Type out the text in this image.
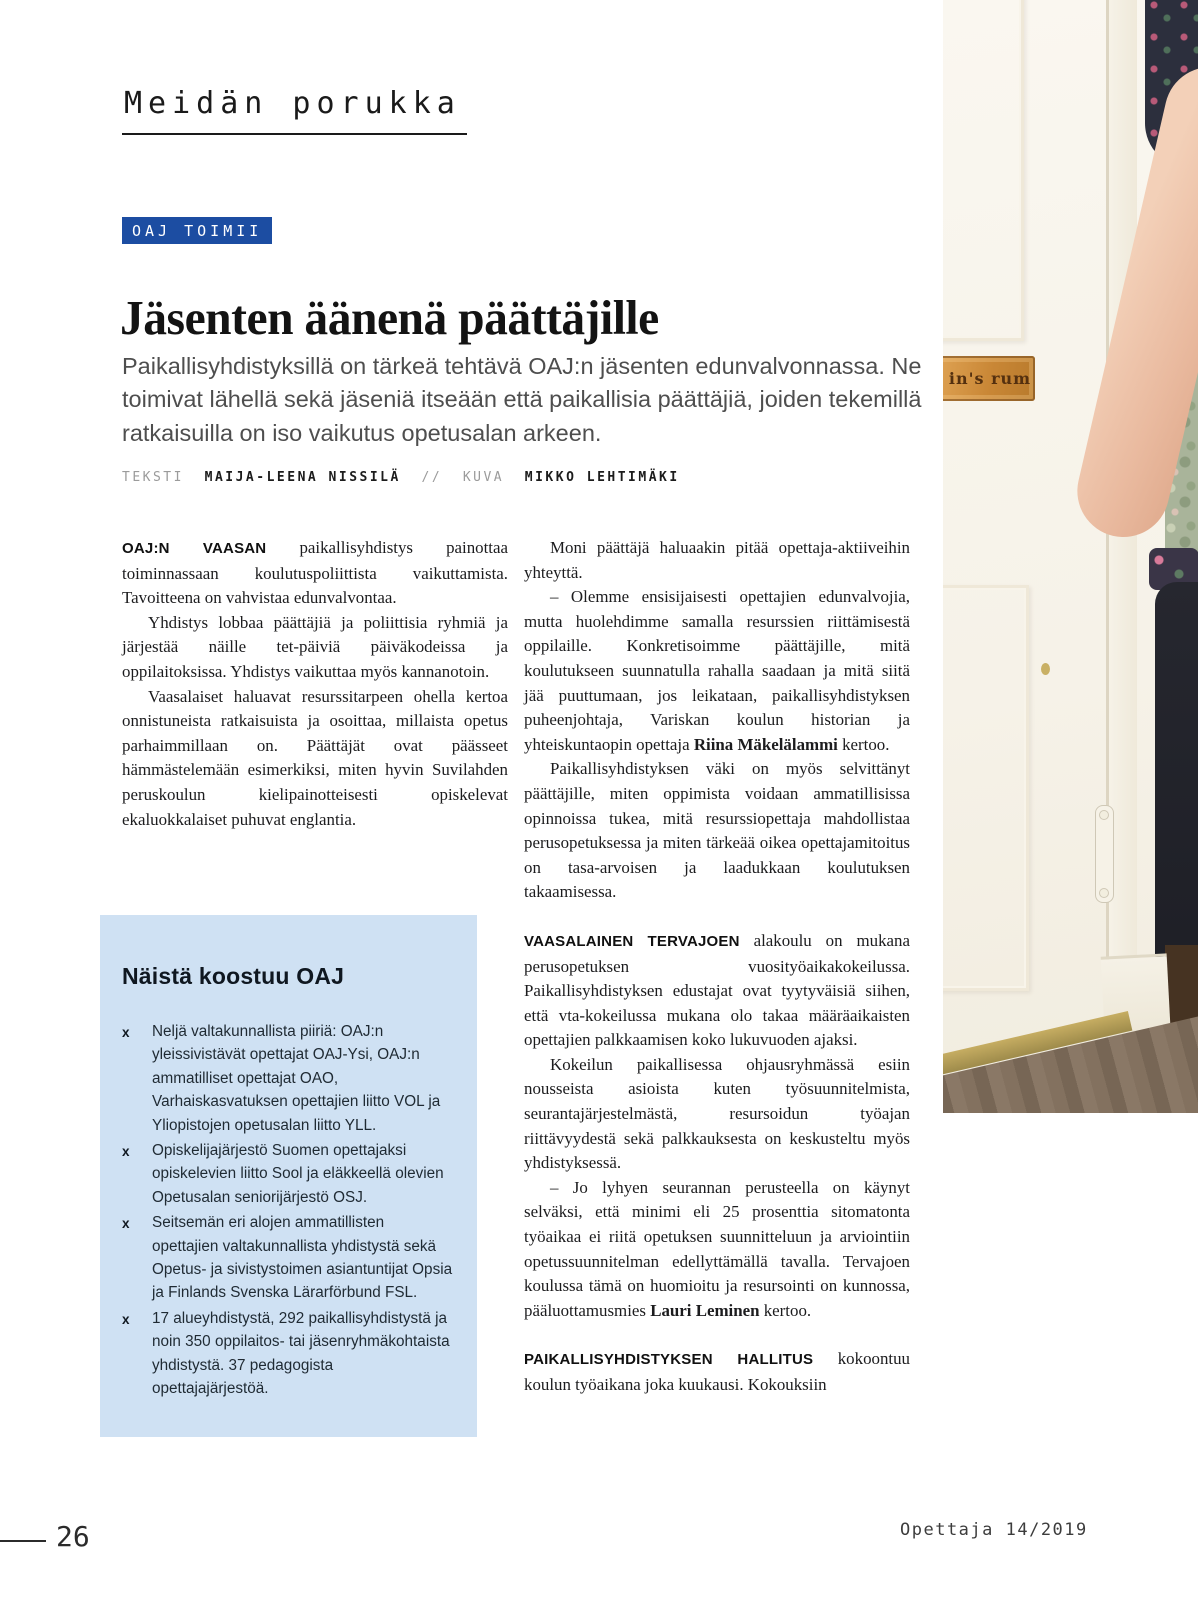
Meidän porukka
OAJ TOIMII
Jäsenten äänenä päättäjille
Paikallisyhdistyksillä on tärkeä tehtävä OAJ:n jäsenten edunvalvonnassa. Ne toimivat lähellä sekä jäseniä itseään että paikallisia päättäjiä, joiden tekemillä ratkaisuilla on iso vaikutus opetusalan arkeen.
TEKSTI MAIJA-LEENA NISSILÄ // KUVA MIKKO LEHTIMÄKI

OAJ:N VAASAN paikallisyhdistys painottaa toiminnassaan koulutuspoliittista vaikuttamista. Tavoitteena on vahvistaa edunvalvontaa.

Yhdistys lobbaa päättäjiä ja poliittisia ryhmiä ja järjestää näille tet-päiviä päiväkodeissa ja oppilaitoksissa. Yhdistys vaikuttaa myös kannanotoin.

Vaasalaiset haluavat resurssitarpeen ohella kertoa onnistuneista ratkaisuista ja osoittaa, millaista opetus parhaimmillaan on. Päättäjät ovat päässeet hämmästelemään esimerkiksi, miten hyvin Suvilahden peruskoulun kielipainotteisesti opiskelevat ekaluokkalaiset puhuvat englantia.

Moni päättäjä haluaakin pitää opettaja-aktiiveihin yhteyttä.

– Olemme ensisijaisesti opettajien edunvalvojia, mutta huolehdimme samalla resurssien riittämisestä oppilaille. Konkretisoimme päättäjille, mitä koulutukseen suunnatulla rahalla saadaan ja mitä siitä jää puuttumaan, jos leikataan, paikallisyhdistyksen puheenjohtaja, Variskan koulun historian ja yhteiskuntaopin opettaja Riina Mäkelälammi kertoo.

Paikallisyhdistyksen väki on myös selvittänyt päättäjille, miten oppimista voidaan ammatillisissa opinnoissa tukea, mitä resurssiopettaja mahdollistaa perusopetuksessa ja miten tärkeää oikea opettajamitoitus on tasa-arvoisen ja laadukkaan koulutuksen takaamisessa.

VAASALAINEN TERVAJOEN alakoulu on mukana perusopetuksen vuosityöaikakokeilussa. Paikallisyhdistyksen edustajat ovat tyytyväisiä siihen, että vta-kokeilussa mukana olo takaa määräaikaisten opettajien palkkaamisen koko lukuvuoden ajaksi.

Kokeilun paikallisessa ohjausryhmässä esiin nousseista asioista kuten työsuunnitelmista, seurantajärjestelmästä, resursoidun työajan riittävyydestä sekä palkkauksesta on keskusteltu myös yhdistyksessä.

– Jo lyhyen seurannan perusteella on käynyt selväksi, että minimi eli 25 prosenttia sitomatonta työaikaa ei riitä opetuksen suunnitteluun ja arviointiin opetussuunnitelman edellyttämällä tavalla. Tervajoen koulussa tämä on huomioitu ja resursointi on kunnossa, pääluottamusmies Lauri Leminen kertoo.

PAIKALLISYHDISTYKSEN HALLITUS kokoontuu koulun työaikana joka kuukausi. Kokouksiin

Näistä koostuu OAJ
x	Neljä valtakunnallista piiriä: OAJ:n yleissivistävät opettajat OAJ-Ysi, OAJ:n ammatilliset opettajat OAO, Varhaiskasvatuksen opettajien liitto VOL ja Yliopistojen opetusalan liitto YLL.
x	Opiskelijajärjestö Suomen opettajaksi opiskelevien liitto Sool ja eläkkeellä olevien Opetusalan seniorijärjestö OSJ.
x	Seitsemän eri alojen ammatillisten opettajien valtakunnallista yhdistystä sekä Opetus- ja sivistystoimen asiantuntijat Opsia ja Finlands Svenska Lärarförbund FSL.
x	17 alueyhdistystä, 292 paikallisyhdistystä ja noin 350 oppilaitos- tai jäsenryhmäkohtaista yhdistystä. 37 pedagogista opettajajärjestöä.
in's rum
26	Opettaja 14/2019
